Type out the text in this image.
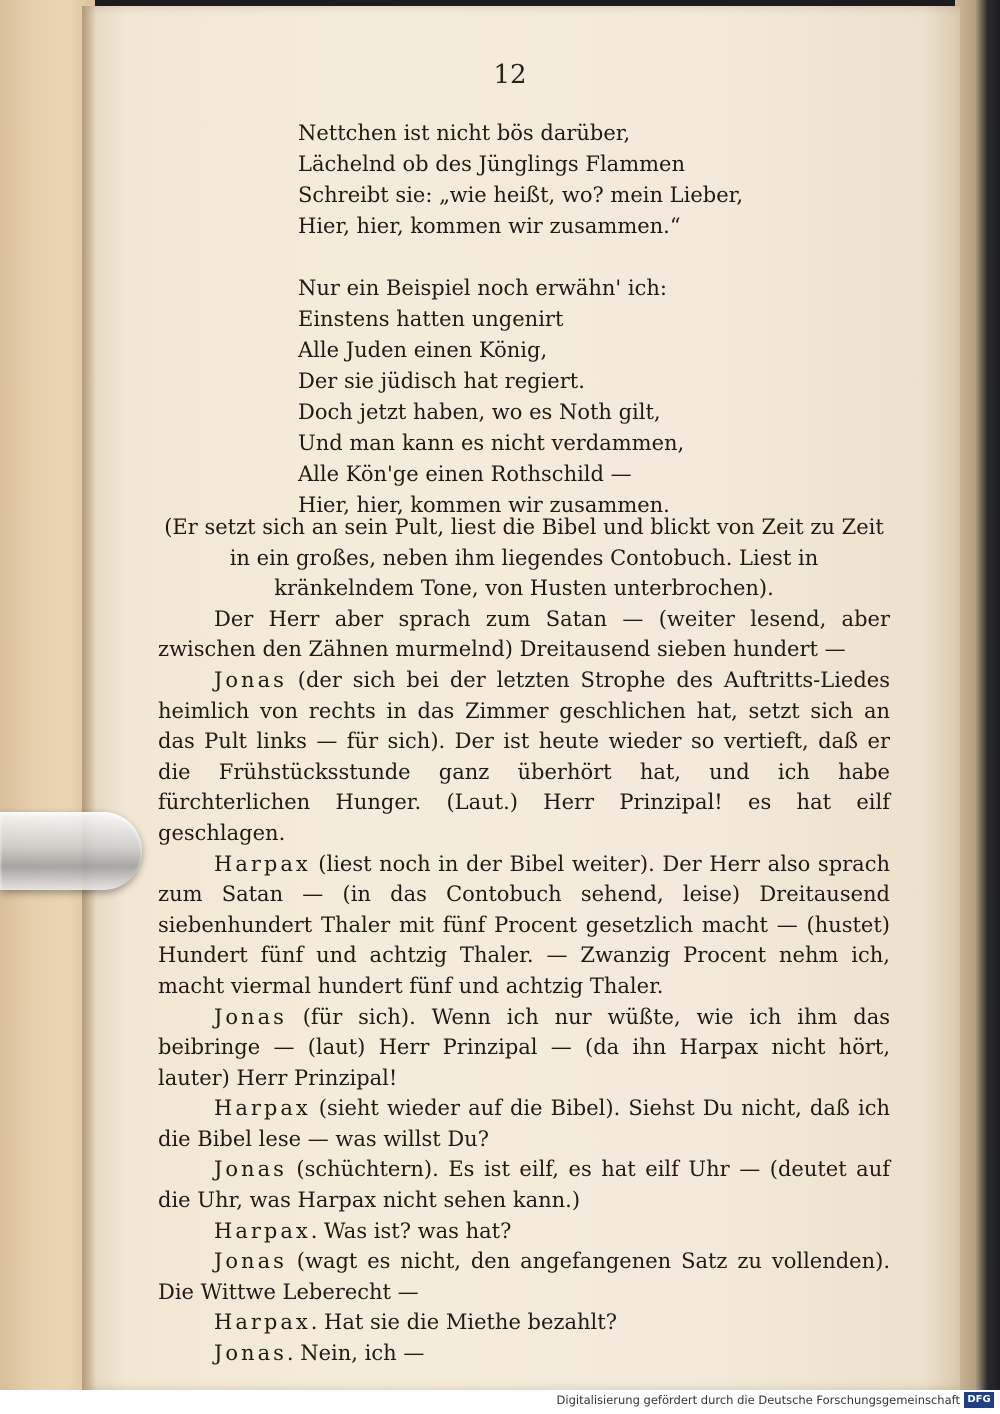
12
Nettchen ist nicht bös darüber,
Lächelnd ob des Jünglings Flammen
Schreibt sie: „wie heißt, wo? mein Lieber,
Hier, hier, kommen wir zusammen.“
Nur ein Beispiel noch erwähn' ich:
Einstens hatten ungenirt
Alle Juden einen König,
Der sie jüdisch hat regiert.
Doch jetzt haben, wo es Noth gilt,
Und man kann es nicht verdammen,
Alle Kön'ge einen Rothschild —
Hier, hier, kommen wir zusammen.

(Er setzt sich an sein Pult, liest die Bibel und blickt von Zeit zu Zeit in ein großes, neben ihm liegendes Contobuch. Liest in kränkelndem Tone, von Husten unterbrochen).

Der Herr aber sprach zum Satan — (weiter lesend, aber zwischen den Zähnen murmelnd) Dreitausend sieben hundert —

Jonas (der sich bei der letzten Strophe des Auftritts-Liedes heimlich von rechts in das Zimmer geschlichen hat, setzt sich an das Pult links — für sich). Der ist heute wieder so vertieft, daß er die Frühstücksstunde ganz überhört hat, und ich habe fürchterlichen Hunger. (Laut.) Herr Prinzipal! es hat eilf geschlagen.

Harpax (liest noch in der Bibel weiter). Der Herr also sprach zum Satan — (in das Contobuch sehend, leise) Dreitausend siebenhundert Thaler mit fünf Procent gesetzlich macht — (hustet) Hundert fünf und achtzig Thaler. — Zwanzig Procent nehm ich, macht viermal hundert fünf und achtzig Thaler.

Jonas (für sich). Wenn ich nur wüßte, wie ich ihm das beibringe — (laut) Herr Prinzipal — (da ihn Harpax nicht hört, lauter) Herr Prinzipal!

Harpax (sieht wieder auf die Bibel). Siehst Du nicht, daß ich die Bibel lese — was willst Du?

Jonas (schüchtern). Es ist eilf, es hat eilf Uhr — (deutet auf die Uhr, was Harpax nicht sehen kann.)

Harpax. Was ist? was hat?

Jonas (wagt es nicht, den angefangenen Satz zu vollenden). Die Wittwe Leberecht —

Harpax. Hat sie die Miethe bezahlt?

Jonas. Nein, ich —

Digitalisierung gefördert durch die Deutsche Forschungsgemeinschaft DFG
